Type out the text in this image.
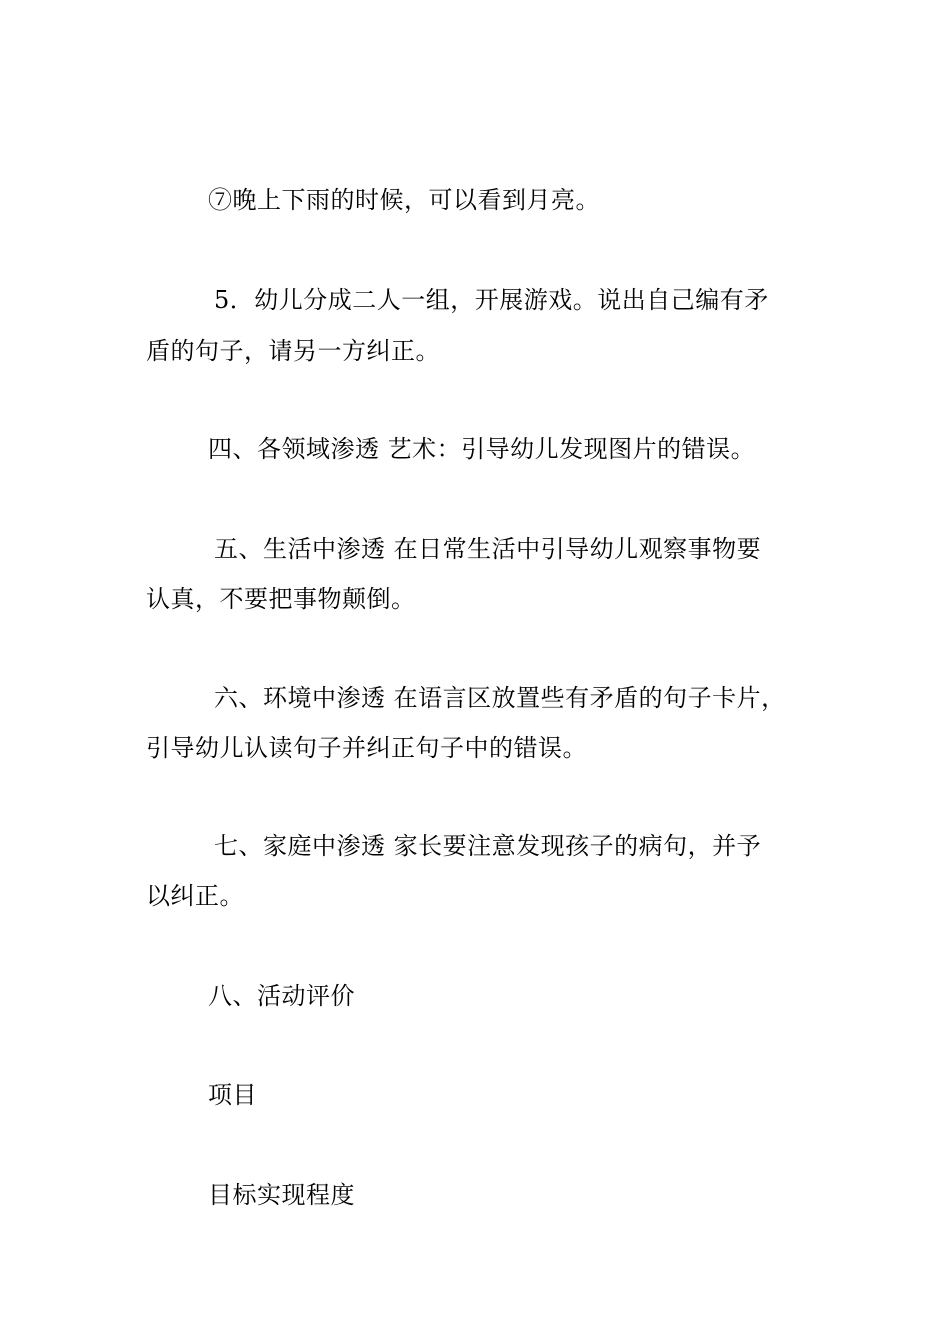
⑦晚上下雨的时候，可以看到月亮。
5．幼儿分成二人一组，开展游戏。说出自己编有矛
盾的句子，请另一方纠正。
四、各领域渗透 艺术：引导幼儿发现图片的错误。
五、生活中渗透 在日常生活中引导幼儿观察事物要
认真，不要把事物颠倒。
六、环境中渗透 在语言区放置些有矛盾的句子卡片，
引导幼儿认读句子并纠正句子中的错误。
七、家庭中渗透 家长要注意发现孩子的病句，并予
以纠正。
八、活动评价
项目
目标实现程度
